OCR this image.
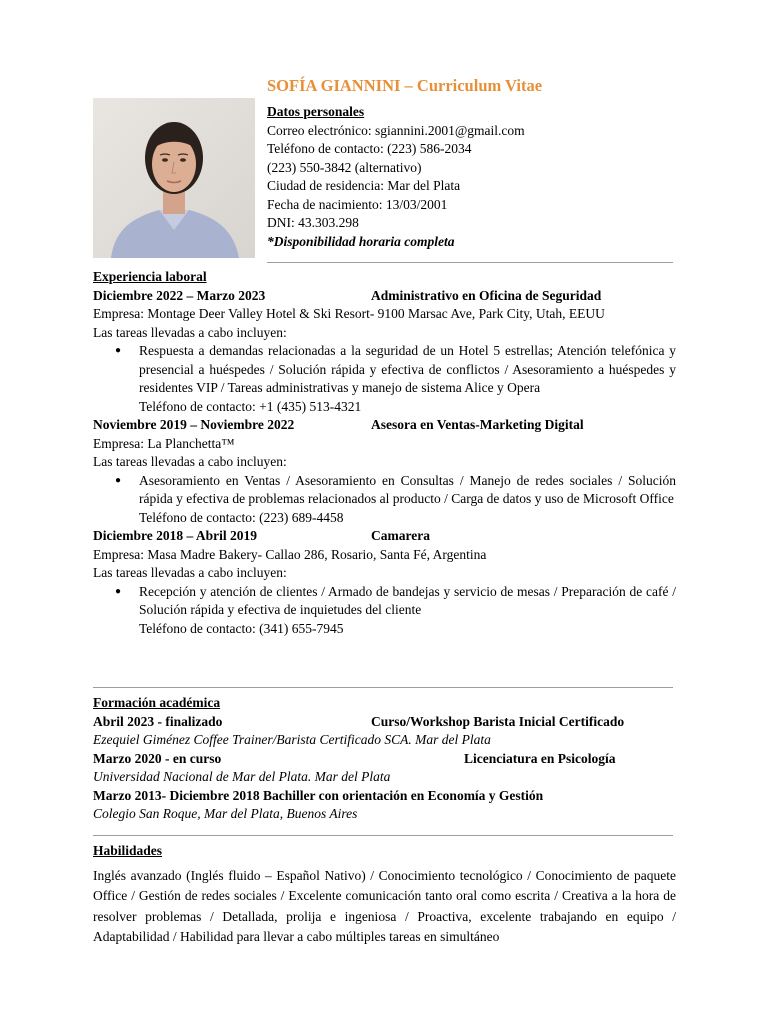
SOFÍA GIANNINI – Curriculum Vitae
Datos personales
Correo electrónico: sgiannini.2001@gmail.com
Teléfono de contacto: (223) 586-2034
(223) 550-3842 (alternativo)
Ciudad de residencia: Mar del Plata
Fecha de nacimiento: 13/03/2001
DNI: 43.303.298
*Disponibilidad horaria completa
Experiencia laboral
Diciembre 2022 – Marzo 2023	Administrativo en Oficina de Seguridad
Empresa: Montage Deer Valley Hotel & Ski Resort- 9100 Marsac Ave, Park City, Utah, EEUU
Las tareas llevadas a cabo incluyen:
● Respuesta a demandas relacionadas a la seguridad de un Hotel 5 estrellas; Atención telefónica y presencial a huéspedes / Solución rápida y efectiva de conflictos / Asesoramiento a huéspedes y residentes VIP / Tareas administrativas y manejo de sistema Alice y Opera
Teléfono de contacto: +1 (435) 513-4321
Noviembre 2019 – Noviembre 2022	Asesora en Ventas-Marketing Digital
Empresa: La Planchetta™
Las tareas llevadas a cabo incluyen:
● Asesoramiento en Ventas / Asesoramiento en Consultas / Manejo de redes sociales / Solución rápida y efectiva de problemas relacionados al producto / Carga de datos y uso de Microsoft Office
Teléfono de contacto: (223) 689-4458
Diciembre 2018 – Abril 2019	Camarera
Empresa: Masa Madre Bakery- Callao 286, Rosario, Santa Fé, Argentina
Las tareas llevadas a cabo incluyen:
● Recepción y atención de clientes / Armado de bandejas y servicio de mesas / Preparación de café / Solución rápida y efectiva de inquietudes del cliente
Teléfono de contacto: (341) 655-7945
Formación académica
Abril 2023 - finalizado	Curso/Workshop Barista Inicial Certificado
Ezequiel Giménez Coffee Trainer/Barista Certificado SCA. Mar del Plata
Marzo 2020 - en curso	Licenciatura en Psicología
Universidad Nacional de Mar del Plata. Mar del Plata
Marzo 2013- Diciembre 2018 Bachiller con orientación en Economía y Gestión
Colegio San Roque, Mar del Plata, Buenos Aires
Habilidades
Inglés avanzado (Inglés fluido – Español Nativo) / Conocimiento tecnológico / Conocimiento de paquete Office / Gestión de redes sociales / Excelente comunicación tanto oral como escrita / Creativa a la hora de resolver problemas / Detallada, prolija e ingeniosa / Proactiva, excelente trabajando en equipo / Adaptabilidad / Habilidad para llevar a cabo múltiples tareas en simultáneo
